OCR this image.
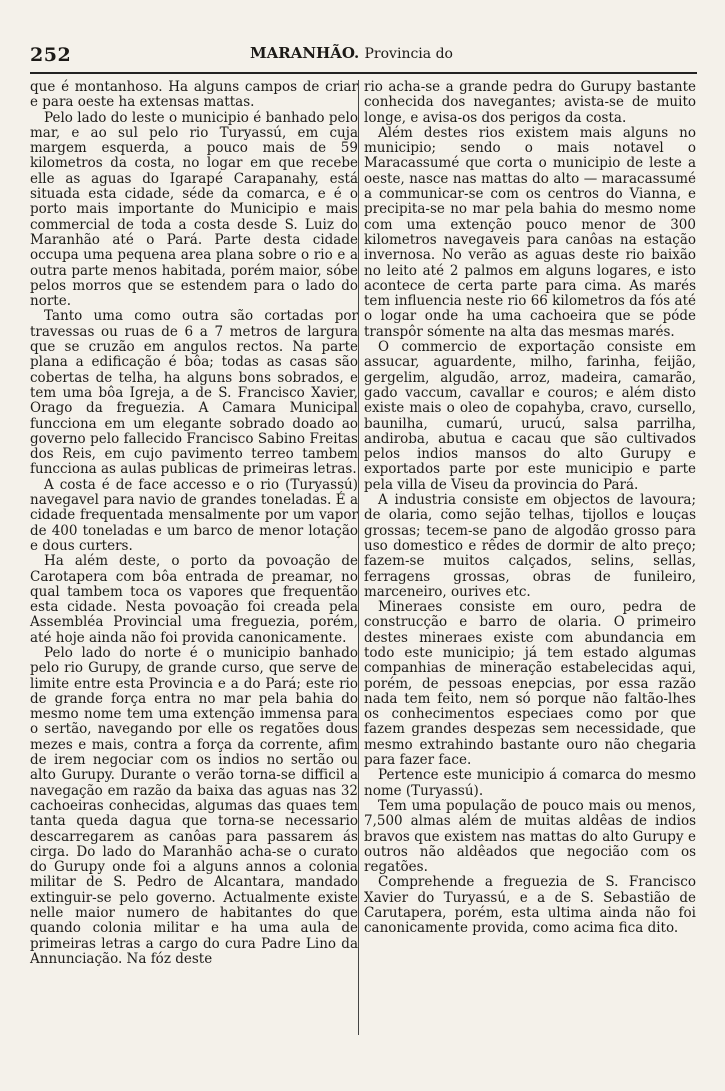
252	MARANHÃO. Provincia do

que é montanhoso. Ha alguns campos de criar e para oeste ha extensas mattas.

Pelo lado do leste o municipio é banhado pelo mar, e ao sul pelo rio Turyassú, em cuja margem esquerda, a pouco mais de 59 kilometros da costa, no logar em que recebe elle as aguas do Igarapé Carapanahy, está situada esta cidade, séde da comarca, e é o porto mais importante do Municipio e mais commercial de toda a costa desde S. Luiz do Maranhão até o Pará. Parte desta cidade occupa uma pequena area plana sobre o rio e a outra parte menos habitada, porém maior, sóbe pelos morros que se estendem para o lado do norte.

Tanto uma como outra são cortadas por travessas ou ruas de 6 a 7 metros de largura que se cruzão em angulos rectos. Na parte plana a edificação é bôa; todas as casas são cobertas de telha, ha alguns bons sobrados, e tem uma bôa Igreja, a de S. Francisco Xavier, Orago da freguezia. A Camara Municipal funcciona em um elegante sobrado doado ao governo pelo fallecido Francisco Sabino Freitas dos Reis, em cujo pavimento terreo tambem funcciona as aulas publicas de primeiras letras.

A costa é de face accesso e o rio (Turyassú) navegavel para navio de grandes toneladas. É a cidade frequentada mensalmente por um vapor de 400 toneladas e um barco de menor lotação e dous curters.

Ha além deste, o porto da povoação de Carotapera com bôa entrada de preamar, no qual tambem toca os vapores que frequentão esta cidade. Nesta povoação foi creada pela Assembléa Provincial uma freguezia, porém, até hoje ainda não foi provida canonicamente.

Pelo lado do norte é o municipio banhado pelo rio Gurupy, de grande curso, que serve de limite entre esta Provincia e a do Pará; este rio de grande força entra no mar pela bahia do mesmo nome tem uma extenção immensa para o sertão, navegando por elle os regatões dous mezes e mais, contra a força da corrente, afim de irem negociar com os indios no sertão ou alto Gurupy. Durante o verão torna-se difficil a navegação em razão da baixa das aguas nas 32 cachoeiras conhecidas, algumas das quaes tem tanta queda dagua que torna-se necessario descarregarem as canôas para passarem ás cirga. Do lado do Maranhão acha-se o curato do Gurupy onde foi a alguns annos a colonia militar de S. Pedro de Alcantara, mandado extinguir-se pelo governo. Actualmente existe nelle maior numero de habitantes do que quando colonia militar e ha uma aula de primeiras letras a cargo do cura Padre Lino da Annunciação. Na fóz deste

rio acha-se a grande pedra do Gurupy bastante conhecida dos navegantes; avista-se de muito longe, e avisa-os dos perigos da costa.

Além destes rios existem mais alguns no municipio; sendo o mais notavel o Maracassumé que corta o municipio de leste a oeste, nasce nas mattas do alto — maracassumé a communicar-se com os centros do Vianna, e precipita-se no mar pela bahia do mesmo nome com uma extenção pouco menor de 300 kilometros navegaveis para canôas na estação invernosa. No verão as aguas deste rio baixão no leito até 2 palmos em alguns logares, e isto acontece de certa parte para cima. As marés tem influencia neste rio 66 kilometros da fós até o logar onde ha uma cachoeira que se póde transpôr sómente na alta das mesmas marés.

O commercio de exportação consiste em assucar, aguardente, milho, farinha, feijão, gergelim, algudão, arroz, madeira, camarão, gado vaccum, cavallar e couros; e além disto existe mais o oleo de copahyba, cravo, cursello, baunilha, cumarú, urucú, salsa parrilha, andiroba, abutua e cacau que são cultivados pelos indios mansos do alto Gurupy e exportados parte por este municipio e parte pela villa de Viseu da provincia do Pará.

A industria consiste em objectos de lavoura; de olaria, como sejão telhas, tijollos e louças grossas; tecem-se pano de algodão grosso para uso domestico e rêdes de dormir de alto preço; fazem-se muitos calçados, selins, sellas, ferragens grossas, obras de funileiro, marceneiro, ourives etc.

Mineraes consiste em ouro, pedra de construcção e barro de olaria. O primeiro destes mineraes existe com abundancia em todo este municipio; já tem estado algumas companhias de mineração estabelecidas aqui, porém, de pessoas enepcias, por essa razão nada tem feito, nem só porque não faltão-lhes os conhecimentos especiaes como por que fazem grandes despezas sem necessidade, que mesmo extrahindo bastante ouro não chegaria para fazer face.

Pertence este municipio á comarca do mesmo nome (Turyassú).

Tem uma população de pouco mais ou menos, 7,500 almas além de muitas aldêas de indios bravos que existem nas mattas do alto Gurupy e outros não aldêados que negocião com os regatões.

Comprehende a freguezia de S. Francisco Xavier do Turyassú, e a de S. Sebastião de Carutapera, porém, esta ultima ainda não foi canonicamente provida, como acima fica dito.
